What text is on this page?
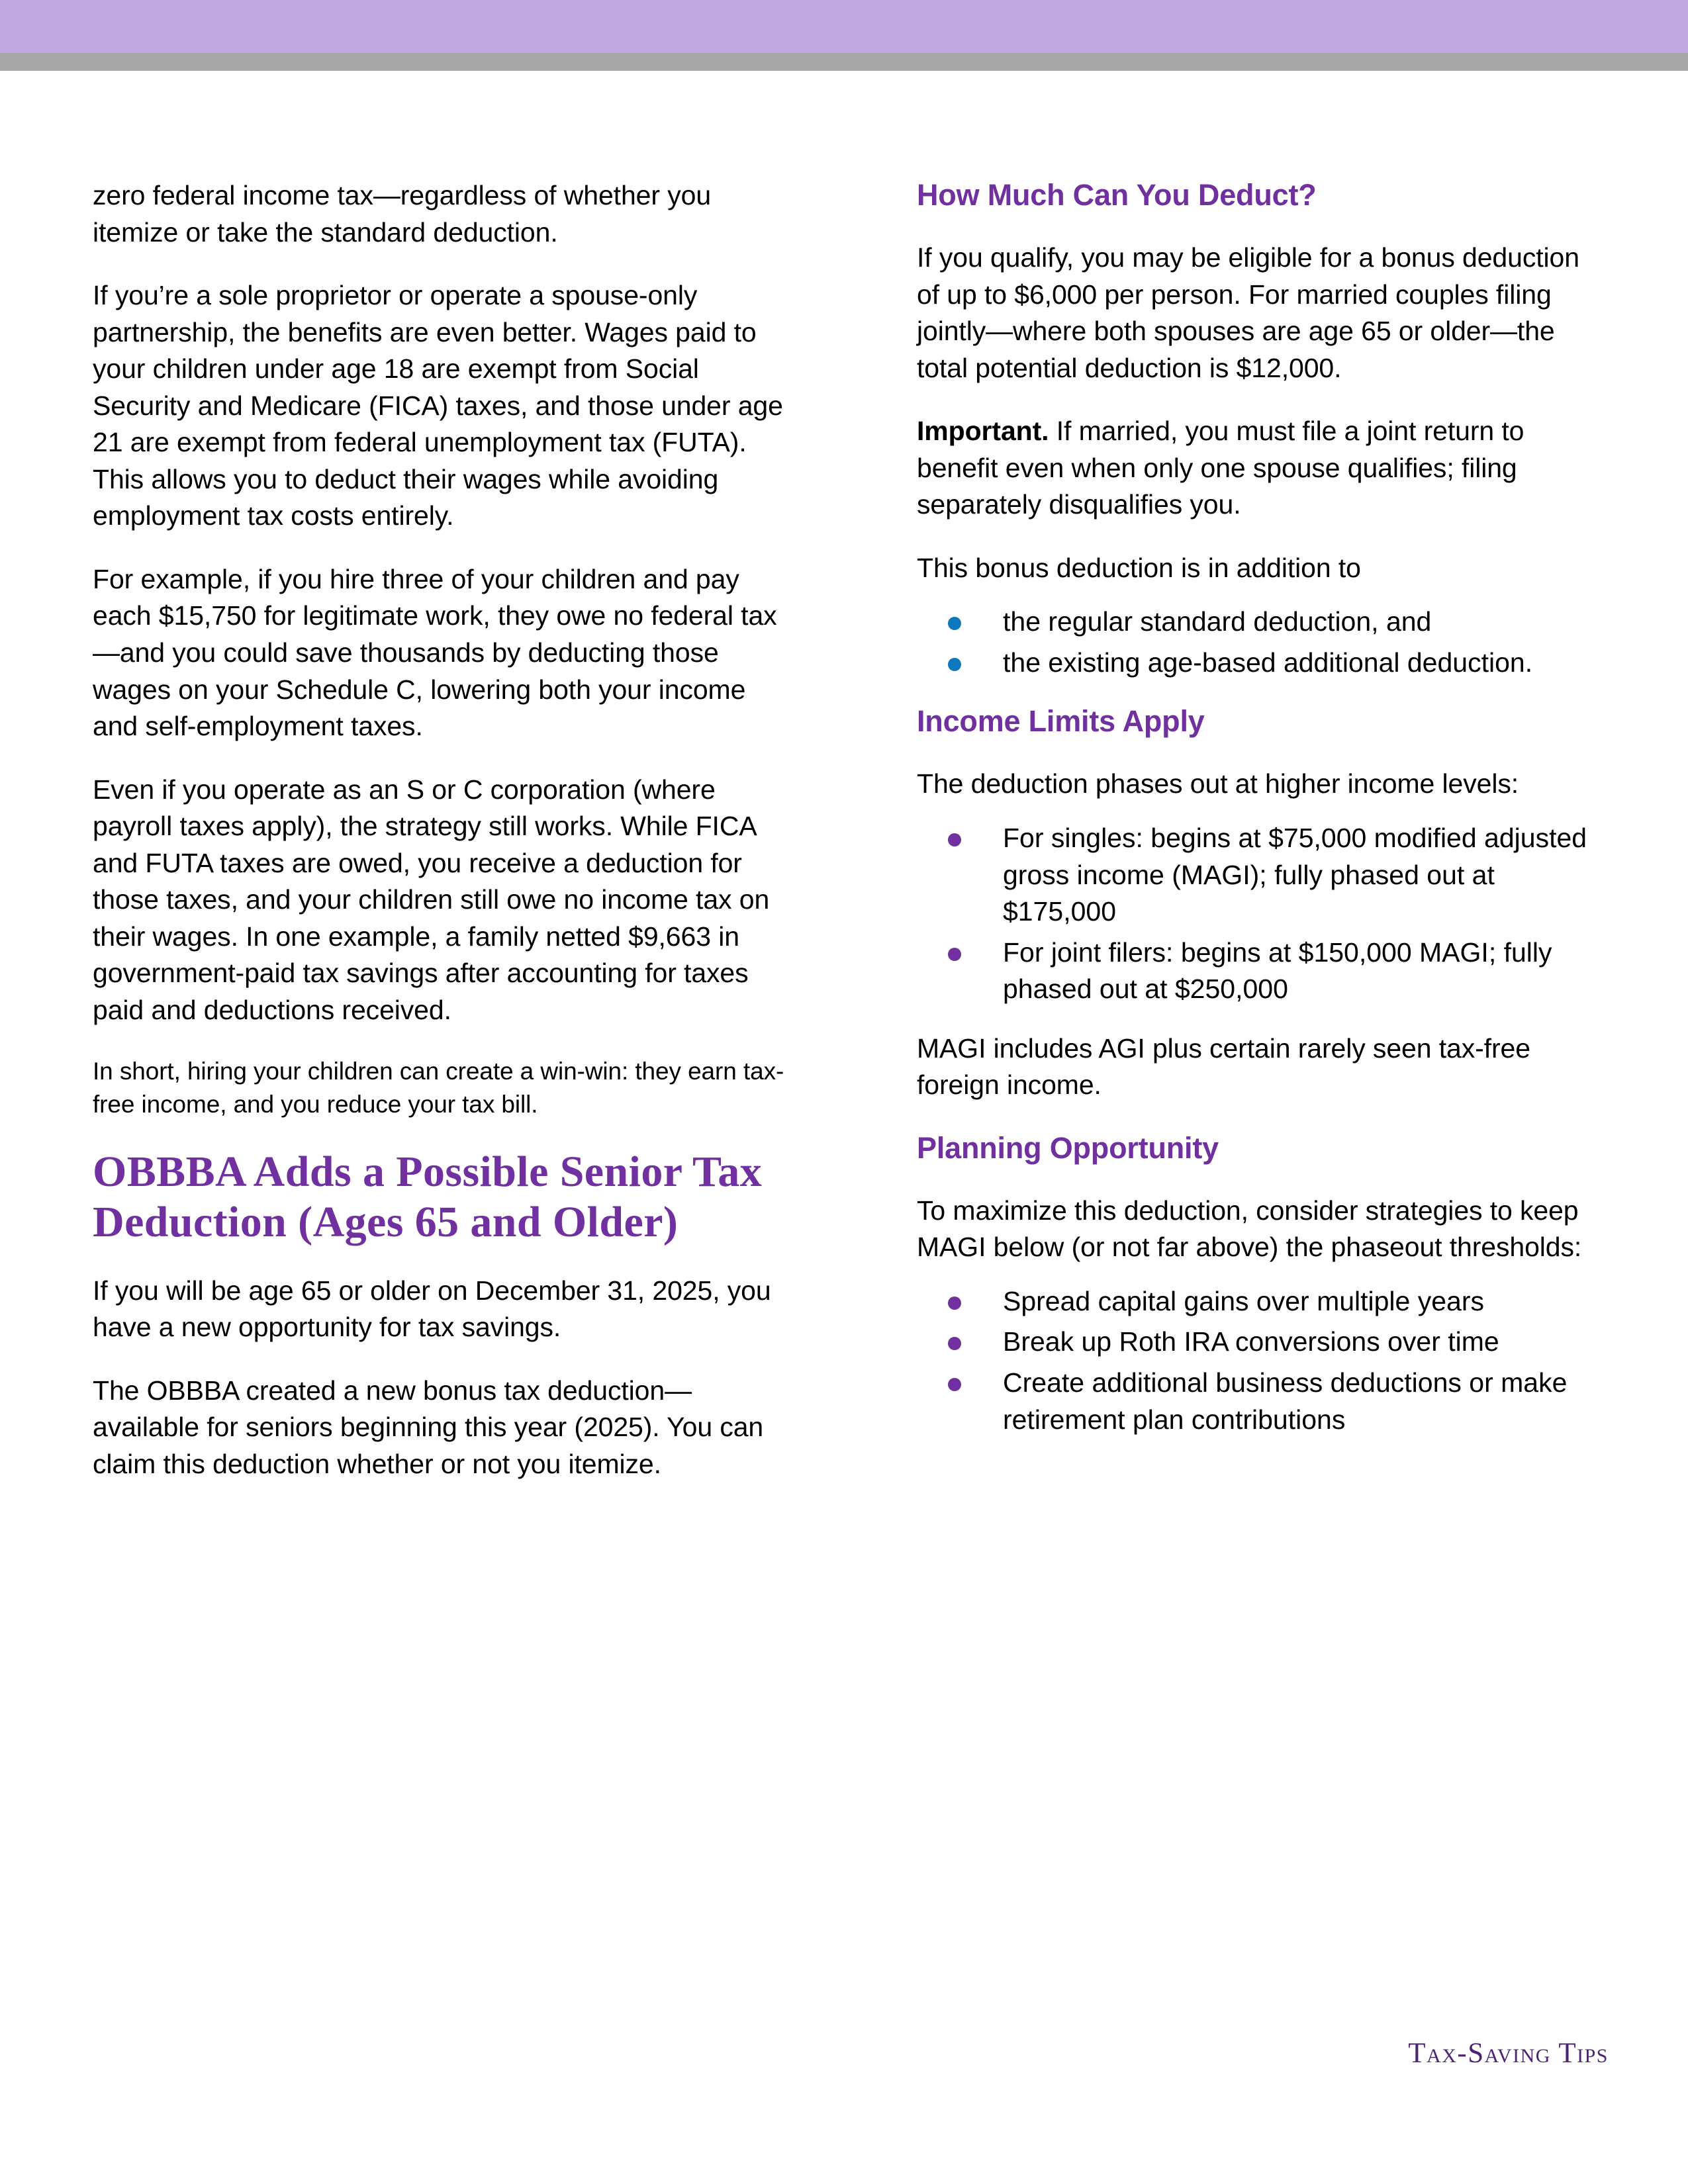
zero federal income tax—regardless of whether you itemize or take the standard deduction.

If you’re a sole proprietor or operate a spouse-only partnership, the benefits are even better. Wages paid to your children under age 18 are exempt from Social Security and Medicare (FICA) taxes, and those under age 21 are exempt from federal unemployment tax (FUTA). This allows you to deduct their wages while avoiding employment tax costs entirely.

For example, if you hire three of your children and pay each $15,750 for legitimate work, they owe no federal tax—and you could save thousands by deducting those wages on your Schedule C, lowering both your income and self-employment taxes.

Even if you operate as an S or C corporation (where payroll taxes apply), the strategy still works. While FICA and FUTA taxes are owed, you receive a deduction for those taxes, and your children still owe no income tax on their wages. In one example, a family netted $9,663 in government-paid tax savings after accounting for taxes paid and deductions received.

In short, hiring your children can create a win-win: they earn tax-free income, and you reduce your tax bill.

OBBBA Adds a Possible Senior Tax Deduction (Ages 65 and Older)

If you will be age 65 or older on December 31, 2025, you have a new opportunity for tax savings.

The OBBBA created a new bonus tax deduction—available for seniors beginning this year (2025). You can claim this deduction whether or not you itemize.

How Much Can You Deduct?

If you qualify, you may be eligible for a bonus deduction of up to $6,000 per person. For married couples filing jointly—where both spouses are age 65 or older—the total potential deduction is $12,000.

Important. If married, you must file a joint return to benefit even when only one spouse qualifies; filing separately disqualifies you.

This bonus deduction is in addition to

the regular standard deduction, and
the existing age-based additional deduction.
Income Limits Apply

The deduction phases out at higher income levels:

For singles: begins at $75,000 modified adjusted gross income (MAGI); fully phased out at $175,000
For joint filers: begins at $150,000 MAGI; fully phased out at $250,000

MAGI includes AGI plus certain rarely seen tax-free foreign income.

Planning Opportunity

To maximize this deduction, consider strategies to keep MAGI below (or not far above) the phaseout thresholds:

Spread capital gains over multiple years
Break up Roth IRA conversions over time
Create additional business deductions or make retirement plan contributions
Tax-Saving Tips
